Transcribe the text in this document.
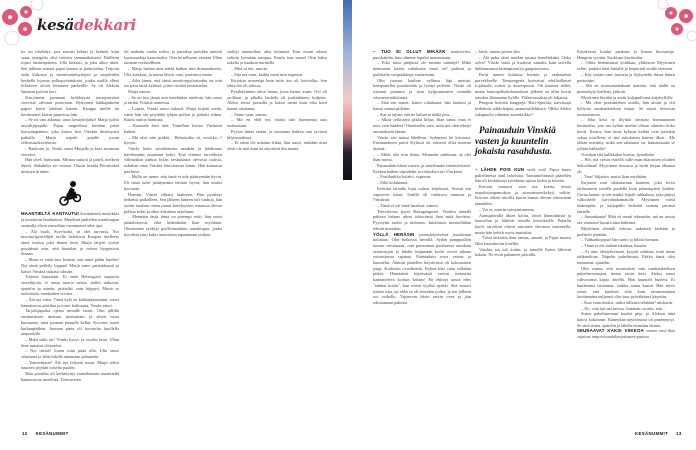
kesädekkari

loi iso riisähdys, jota seurasi kolaus ja helinää, kuin sataa triangelia olisi soitettu samanaikaisesti. Päällemi ropisi lasinsirpaleita. Ulla kirkaisi, ja joku alkoi itkeä. Sen jälkeen seurasi pajon huutoa ja jaokestelua. Tuijotin salin kirkossa ja treenivaatemyttyjen ja sirpaleiden keskellä lojuvaa polkupyöränkoria, jonka sisällä olleet tiiliskivet olivat levinneet parketille. Se oli Aleksin lainatun pyörän kori.

Siirryimme puimaan hyökkäystä seurojentalon viereisiä olevaan pitseriaan. Ryttyinen kakkapaketin paperi kiersi kädestä käteen. Kauppa meille tai kesäteatteri käristi paperissa luki.

– Se on taas alkanut, suuri kesäyttöjabzi! Marja julisti tarjoilijapojalle. Pojan suupielissä kävääni pieni hymyntapainen, joka katosi heti Vinskin ilmestyttyä paikalle. Marja sopotti pojalle jotain erikoisruokavaliosta.

– Rauhoitu jo, Vinski sanoi Marjalle ja kävi istumaan viereeni.

Hän siveli hartiotani. Mirnaa suruitti ja paleli, melkein itketti. Säikähdys sei voimat. Tilasin listalta Pörräisekai nimetyn drinkin.

MAANTIELTÄ KANTAUTUI kovaäänistä musiikkia ja moottorin huudatusta. Metelistä päätellen soraikuupan saumalla olivat menolään varminaiset aika-ajot.

– Älä huoli, Suvi-kulta, sä olet turvassa. Noi moottoripyöräilijät tuolla halaisivat Kaupan itselleen, tämä toistuu joka ikinen kesä, Marja tärjytti syrkin pöytäänsä niin, että haarukat ja veitset hyppäsivät ilmaan.

– Mutsi ei enää ensi kesänä, sitä minä pidän huolen! Nyt tämä pelleily loppuu! Marja sanoi painokkaasti ja katsoi Vinskiä tiukasti silmiin.

Tuijotin lautastani. Ei enää Helsingistä saapuvia vierailijoita, ei uusia nuoria naisia, sitäkö tarkoitat, ajattelin ja mietin, pitäisikö vain hiippyä. Mutta se tarkoittaisi vandaalien voittoa.

– Äiä nyt viitsi. Tämä kylä on kahtiajakautunut, toiset kannattavat urheilua ja toiset kulttuuria, Vinski sanoi.

Tarjoilijapoika ojensi minulle lasini. Otin pillillä ensimmäisen imaisun juomastani ja sitten vasta huomasin, mitä juoman pinnalla kellui. Kovotus nousi kurkunpäähän. Juoman pinta oli koristeltu kuollella ampiaisilla.

– Mikä sulla on? Vinski kysyi, ja osoitin lasia. Ullan ilme muuttui vihaiseksi.

– Nyt riittää! Jotain rotia pitää olla, Ulla sanoi vihaisena ja lähti tiskille antamaan palautetta.

– Teatterikaste! Älä nyt leikistä suutu, Marja selitti nauraen pöydän toiselta puolen.

Mau porukka oli kerkittynyt siunailemaan maantieltä kantautuvaa metelistä. Tienvarteen

oli raahattu vanha sohva, ja paraikaa porukka asetteli karsiutuoleja katsomoksi. Otin kiitollisena vastaan Ullan tuoman vesilasillisen.

– Marja haluaa aina tehdä kaiken niin dramaattisesti, Ulla kuiskasi, ja minut lävisti outo, puristava tunne.

– Aika jännä, että tämä moottoripyöräsouhu on niin iso juttu tässä kylässä, yritin virittää keskustelua.

Marja nauroi.

– Se on tosi jännä asia meidänkin mielestä, hän sanoi ja tarttui Vinskiä ranteesta.

– Lopeta, Vinski sanoi tiukasti. Marja tuijotti mettä, sitten hän otti pöydältä tyhjän pullon ja pohalsi siihen. Kuulu outtoa huminaa.

– Kuuntele Suvi tätä. Tämä'hini kertoo Vinskistä kaiken.

– Mä olen niin poikki... Haluaisitko sä, voisitko...? kysyin.

Vinski heitti savukkeensa maahan ja lähdimme kävelemään asuntoani kohti. Kun olimme turvallisen välimatkan päässä kylän keskustasta olevasta raitista, uskalsin ottaa Vinskiä käsivarresta kiinni. Hän kumartui puoleeni.

– Mulla on tunne, että tämä ei tule päättymään hyvin. Eli tämä tulee päättymään erittäin hyvin, hän mutisi korvaani.

Hymiin. Vinski vilkaisi taakseen. Hän pysähtyi hetkeksi paikolleen. Sen jälkeen häneen tuli vauhtia, hän työnsi ruukuin ottein minut kävelyyteen reunassa olevaa polkua kohti ja alkoi kiiruhtaa askeleaan.

– Mennään tästä, tämä on parempi reitti, hän sanoi päättäväisesti, eikä hetkeäkään liian myöhään. Ohitsemme syöksyi graffitimaalattu rantakirppu, jonka kyydissä istui kaksi asemiaisia tapaamaani poikaa.

sisähyi saunavihta, aika kolmasti. Kun otsani tahtoo vahtiin lyömään rumpua, Kuulu taas mana! Otin kaksi askelta ja kaaduin nurmelle.

– Mitä sä teit, sanoin.

– Sitä mä vaan, kaikki meni niin nopeasti.

Kirjoitin avarempi kuin mitä itse oli kuvitellut. Sen takia dre oli talossa.

Pysähdyimme talon luona, jossa kaisin asuin. Ovi oli raollaan, ja pihalla laidalla oli jonkinlainen kuljetus. Aleksi seisoi portailla ja katsoi meitä kuin olisi kotti kauan odottanut.

– Sinne vaan, sanoin.

– Mä en ehdi nyt, mutta tule huomenna taas raubuotaan.

Pyysin hänet sisään, ja istuimme hetken tain syvässä hiljaisuudessa.

– Ei tämä ole mikään leikki, hän sanoi, mitkään asiat eivät ole niin kuin ne näyttävät din mauta.

– TUO EI OLLUT MIKÄÄN teatteriviisi, puuskahdin, kun olimme lopulta asunnossani.

– Eikö tässä pitäjässä ole mitään sääntöjä? Mikä hemmetin lasten valtakunta tämä on? puhisin ja pudistelin savipaakkuja vaatteistani.

Olin juossut kauhun vallassa läpi metsän, kompastellut juurakoihin ja lyönyt polveni. Vinski oli riisunut paitansa ja istui kylpyammeen reunalla väsyneen näköisenä.

– Sinä sen sanoit, lasten valtakunta, hän huokasi ja katsoi minua pitkään.

– Kai sä tajuat, että ne haluavat täältä pois...

– Alkaa selkiintyä pikku hiljaa. Ihan sama, mua ei nois vain häädetä! Ilmoittelen vain, mitä mä olen tehnyt ansaitakseni tämän.

Vinski veti minut lähelleen. Sydämeni löi kiivaasti. Ensimmäinen päivä Kylässä oli totisesti ollut tunteita täynnä.

– Mitäs olet niin ihana. Mennään suihkuun, sä olet ihan mosta.

Painauduin häntä vasten, ja suutelimme intensiivisesti. Kesken kaiken säpsähdin ja vetäydyin irti Vinskistä.

– Postiluukku kolahti, sopersin.

– Eikö kolahtanut.

Keittiön lattialla lojui ruskea kirjekuori. Avasin sen vapisevin käsin. Sisällä oli valokuva minusta ja Vinskistä.

– Tämä ei ole enää hauskaa, sanoin.

Televisiossa pyöri Rottagangsteri. Vinskin äänellä puhuva hahmo uhosi tokaviinsä ihan mitä huvittaa. Pyysiytin taolin ja nielaisin. Intohimon nimisellähän tehtiin murtakin.

YÖLLÄ HERÄSIN porraskäytävästä kuuluvaan kolinaan. Olin hetkessä hereillä. Sydän pamppaillen nousin seisomaan, otin paremman puuhoessa asenkeni setonvarjon ja lähdin hiipimään kohti ovesti takana voimistavaa rapinaa. Painauduin ovea vasten ja kuuntelin. Äänistä päätellen käytävässä oli kokonainen jengi. Kurkistin ovisilmästä. Kylmä hiki valui selkääni pitkin. Hämärästä käytävästä erottui teräasetta kannatteleva kookas hahmo! En ehtinyt sanoa edes "tahdon kotiin", kun oveen iyyähti nyrkki. Sitä seurasi toinen isku, tai ehkä se oli sittenkin potku, ja sen jälkeen soi ovikello. Vapisevin käsin raotin ovea ja jäin odottamaan pahinta.

– Jäisit, sanoin peiton alta.

– Älä puhu tästä meidän jutusta kenellekään. Onko selvä? Vinski sanoi ja kuulosti samalta kuin talvella dubbaamassa lastenpiirretyn gangsterirotta.

Parin tunnin kuluttua heräsin ja raahauduin parvekkeelle. Tienpengertä koristivat edellisillaiset rojahuolit, roskat ja muovipussit. Oli kaamea nälkä, mutta kuntopolkukokemuksen jälkeen en ollut kovin innokas lähtemään kylille. Yläkerrassakin oli hiljaista.

Pengoin keittiön kaappeja. Hart-Sporttia, kaivattuja hedelmiä, näkkileipää, ananassäilykkeitä. Olliko Aleksi sakupuolta vahtanut anorektikko?

Painauduin Vinskiä vasten ja kuuntelin jokaista rasahdusta.

– LÄHDE POIS KUN vielä voit! Pipsa huusi puhelimessa äänl falsettina. Taustamölinästä päätellen hän oli keskittynyt työnbaun sijasta kodin ja kiireen.

Kerroin tarmasti vain osa koetta, testaa impulssitaipumuksia ja stressinsietokykyä, selitin. Kerroin oikein täysillä luurin minun olevan oikeastaan jännääkin.

– Voi ei, mutsin suivaantuneena.

Aamupäivällä ilkien kotiin, toiset lämmitinistä ja haavoihin ja lähtivät toiselle kierrokselle. Puhelin kuoli, tarvittiin oltivat sanoneet olevansa teattenella, mutta hän kehitti myös muitakin.

– Tästä tarkoitin ihan samaa, sanoin, ja Pipsa maasti läksi kaasukoriin hotellin.

Vinskin isä tuli kotiin, ja nimellä Kaino lähtivät kalaan. Ne eivät palanneet päivällä.

Käytävästä kuului paukaus ja litania kirosanoja. Hengitin syvään. Kurkistin käytävään.

– Oltiin heittämässä yötikkaa, yläkerran Myyttinen selitti, pudotti tikat lattialle ja hoiperteli sisälle eteiseen.

– Käy sisään vain, mutisin ja löyhyttelin ilmaa hänen perässään.

– Mä en muistamattakaan mainita, että täällä on pienenkyly kielletty, jatkoin.

Myyttinen hörähti ja asetti kaljapullonsa kirjahyllylle.

– Mä olen perusmiehen asialla, hän aloitti ja otti hyllystä ranskankielisen kirjan. Se näytti kertovan nostarainosta.

– Joka kesä se illyttää omistau hurmaamaan kesätyttön, jota me kyläin miehet ollaan odotettu koko kevät. Katsos, kun tässä kylässä kaikki ovat jotenkin sukua toisilleen, ei sitä sukulaisen kanssa ilkeä... Me ollaan miettitty, mikä sen salaisuus on, kumauttaake se jollain kalikalla?

Voisihan sitä kalikkakin kutsua, hymähdin.

– Hei, mä voisin esitellä sulle mun ekaosttien oluiden kokoelman! Myyttinen innostui ja heitti kirjan olkansa yli.

– Varo! kiljaisin, mutta liian myöhään.

Kirjanen osui tahkasarnan kanteen, joka levisi olohuoneen toiselle puolelle kuin pienempieni fitaben. Uurna kaatui, ja sen sisältä leijaili tuhkakasa, joka päätyi valkoiselle karvalankamatolle. Myyttinen väisti taaksepäin, ja kaljapullo keikahti uurnan perässä lattialle.

– Jumankauta! Mitä sä menit tekemään, mä en tuosta ota vastuuta! huusin ääni käheänä.

Myyttinen silmäili sohvaa, naksautti kieltään ja pudisteli päätään.

– Tuhkanhoppua! hän sanoi ja hihitti hieman.

– Tämä ei ole mitään hauskaa, huusin.

– Ai niin, tähtiyksenaan, kysytti sohittaa, mitä maan tuhkaseltiaa. Näpelin puhelintani. Pakko tämä olisi tunnustaa, ajattelin.

Olin varma, että tavoittaisin vain ranskankielisen puhelinvastaajan, mutta toisin kävi. Aleksi sanoi vahvoransa kirjan äärellä. Hän kuunteli huolesi. Ei kuulemma haitannut, vaikka uurna kaatui. Hän myös sanoi, että kuulosti siltä kuin tavanomainen kesäinaatteriruljanssi olisi taas pyörähtänyt käyntiin.

– Kun vaan tietäisi, miksi tällaista tehdään? niiskutin.

– No, voin kai mä kertoa. Juttuhan on niin, että...

Sitten puhelimestani kuului piip, ja Aleksin ääni katosi kokonaan. Kännykän näyttöruutu oli pimentynyt. Se siitä sitten, ajattelin ja lähdin etsimään laturia.

SEURAAVAT KAKSI VIIKKOA ennen ensi-iltaa sujuivat improvisaatioharjoitusten parissa

12 KESÄNUMMIT	KESÄNUMMIT 13
